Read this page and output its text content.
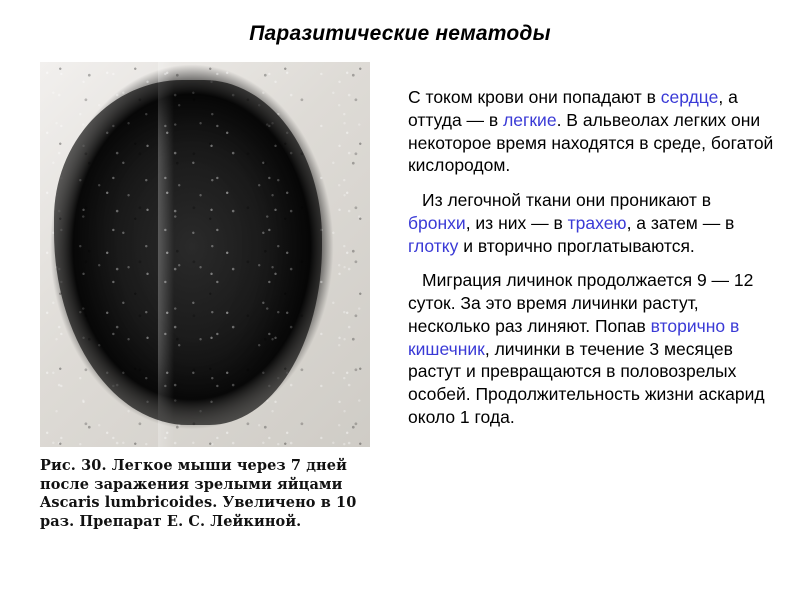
Паразитические нематоды
Рис. 30. Легкое мыши через 7 дней после заражения зрелыми яйцами Ascaris lumbricoides. Увеличено в 10 раз. Препарат Е. С. Лейкиной.

С током крови они попадают в сердце, а оттуда — в легкие. В альвеолах легких они некоторое время находятся в среде, богатой кислородом.

Из легочной ткани они проникают в бронхи, из них — в трахею, а затем — в глотку и вторично проглатываются.

Миграция личинок продолжается 9 — 12 суток. За это время личинки растут, несколько раз линяют. Попав вторично в кишечник, личинки в течение 3 месяцев растут и превращаются в половозрелых особей. Продолжительность жизни аскарид около 1 года.
